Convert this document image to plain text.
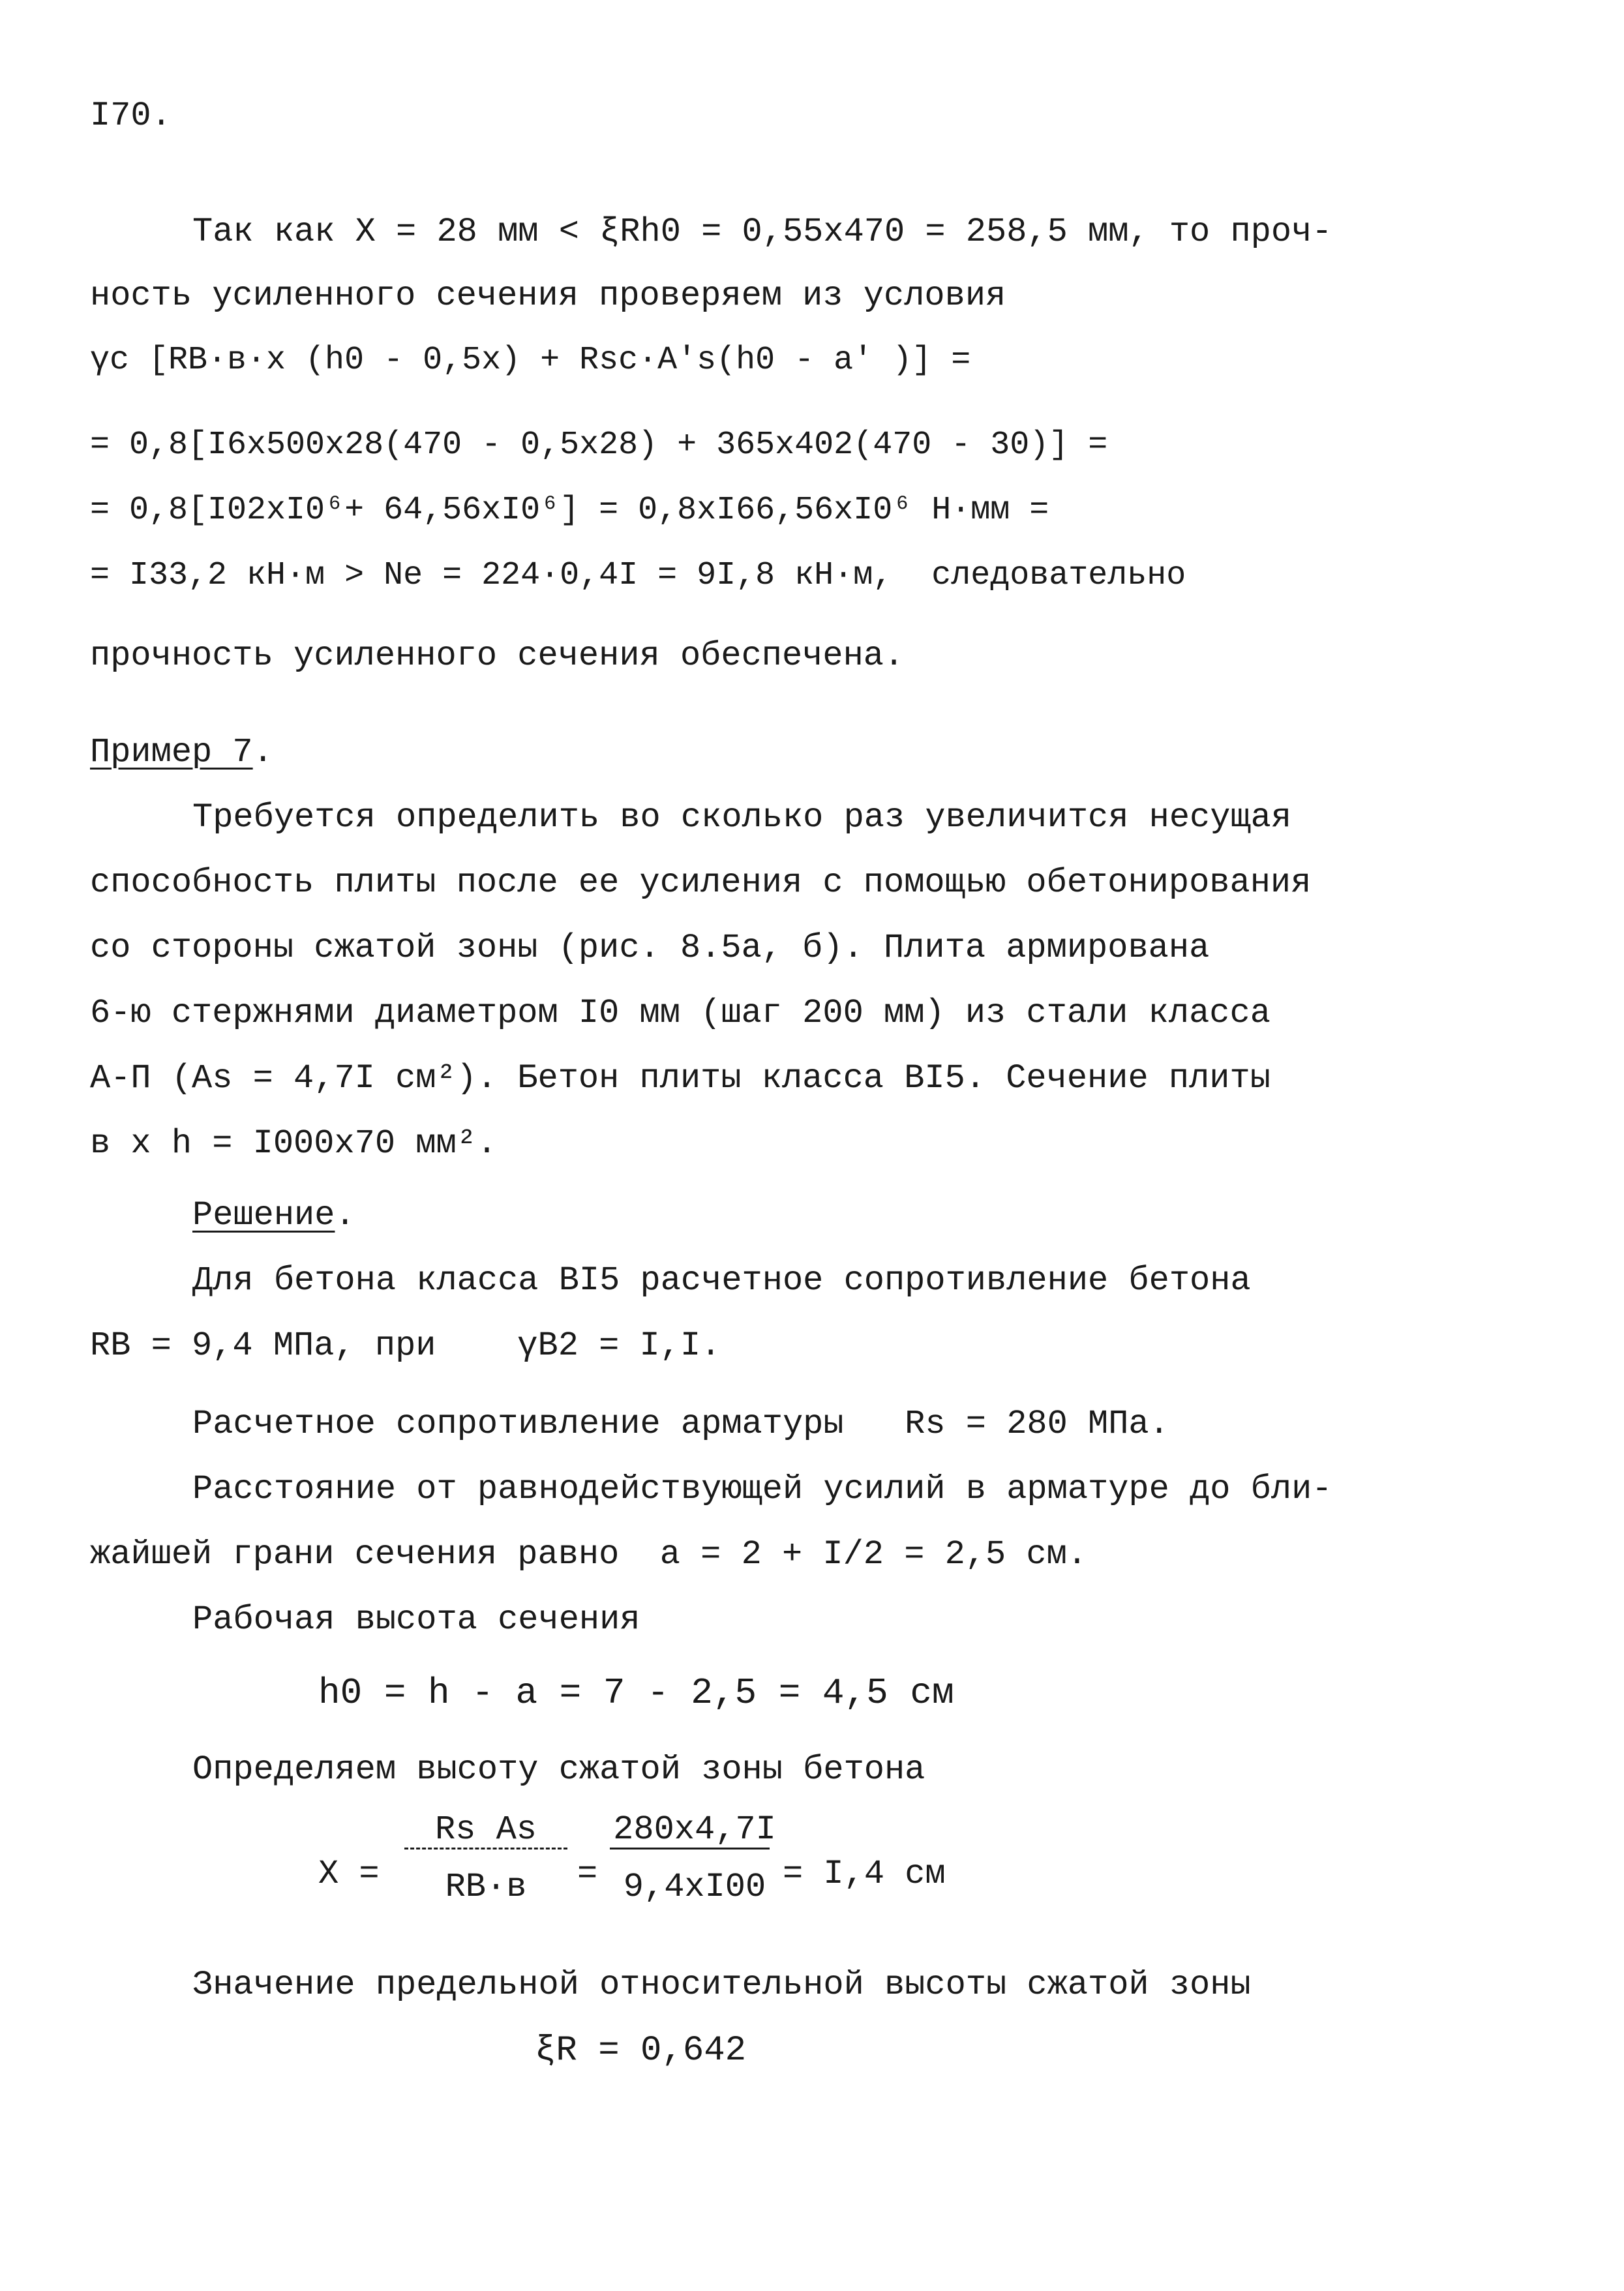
I70.
Так как X = 28 мм < ξRh0 = 0,55x470 = 258,5 мм, то проч-
ность усиленного сечения проверяем из условия
γc [RB·в·x (h0 - 0,5x) + Rsc·A's(h0 - a' )] =
= 0,8[I6x500x28(470 - 0,5x28) + 365x402(470 - 30)] =
= 0,8[I02xI0⁶+ 64,56xI0⁶] = 0,8xI66,56xI0⁶ Н·мм =
= I33,2 кН·м > Ne = 224·0,4I = 9I,8 кН·м,  следовательно
прочность усиленного сечения обеспечена.
Пример 7.
Требуется определить во сколько раз увеличится несущая
способность плиты после ее усиления с помощью обетонирования
со стороны сжатой зоны (рис. 8.5а, б). Плита армирована
6-ю стержнями диаметром I0 мм (шаг 200 мм) из стали класса
А-П (As = 4,7I см²). Бетон плиты класса ВI5. Сечение плиты
в x h = I000x70 мм².
Решение.
Для бетона класса ВI5 расчетное сопротивление бетона
RB = 9,4 МПа, при    γB2 = I,I.
Расчетное сопротивление арматуры   Rs = 280 МПа.
Расстояние от равнодействующей усилий в арматуре до бли-
жайшей грани сечения равно  a = 2 + I/2 = 2,5 см.
Рабочая высота сечения
h0 = h - a = 7 - 2,5 = 4,5 см
Определяем высоту сжатой зоны бетона
X =
Rs As
RB·в	=
280x4,7I
9,4xI00 = I,4 см
Значение предельной относительной высоты сжатой зоны
ξR = 0,642
